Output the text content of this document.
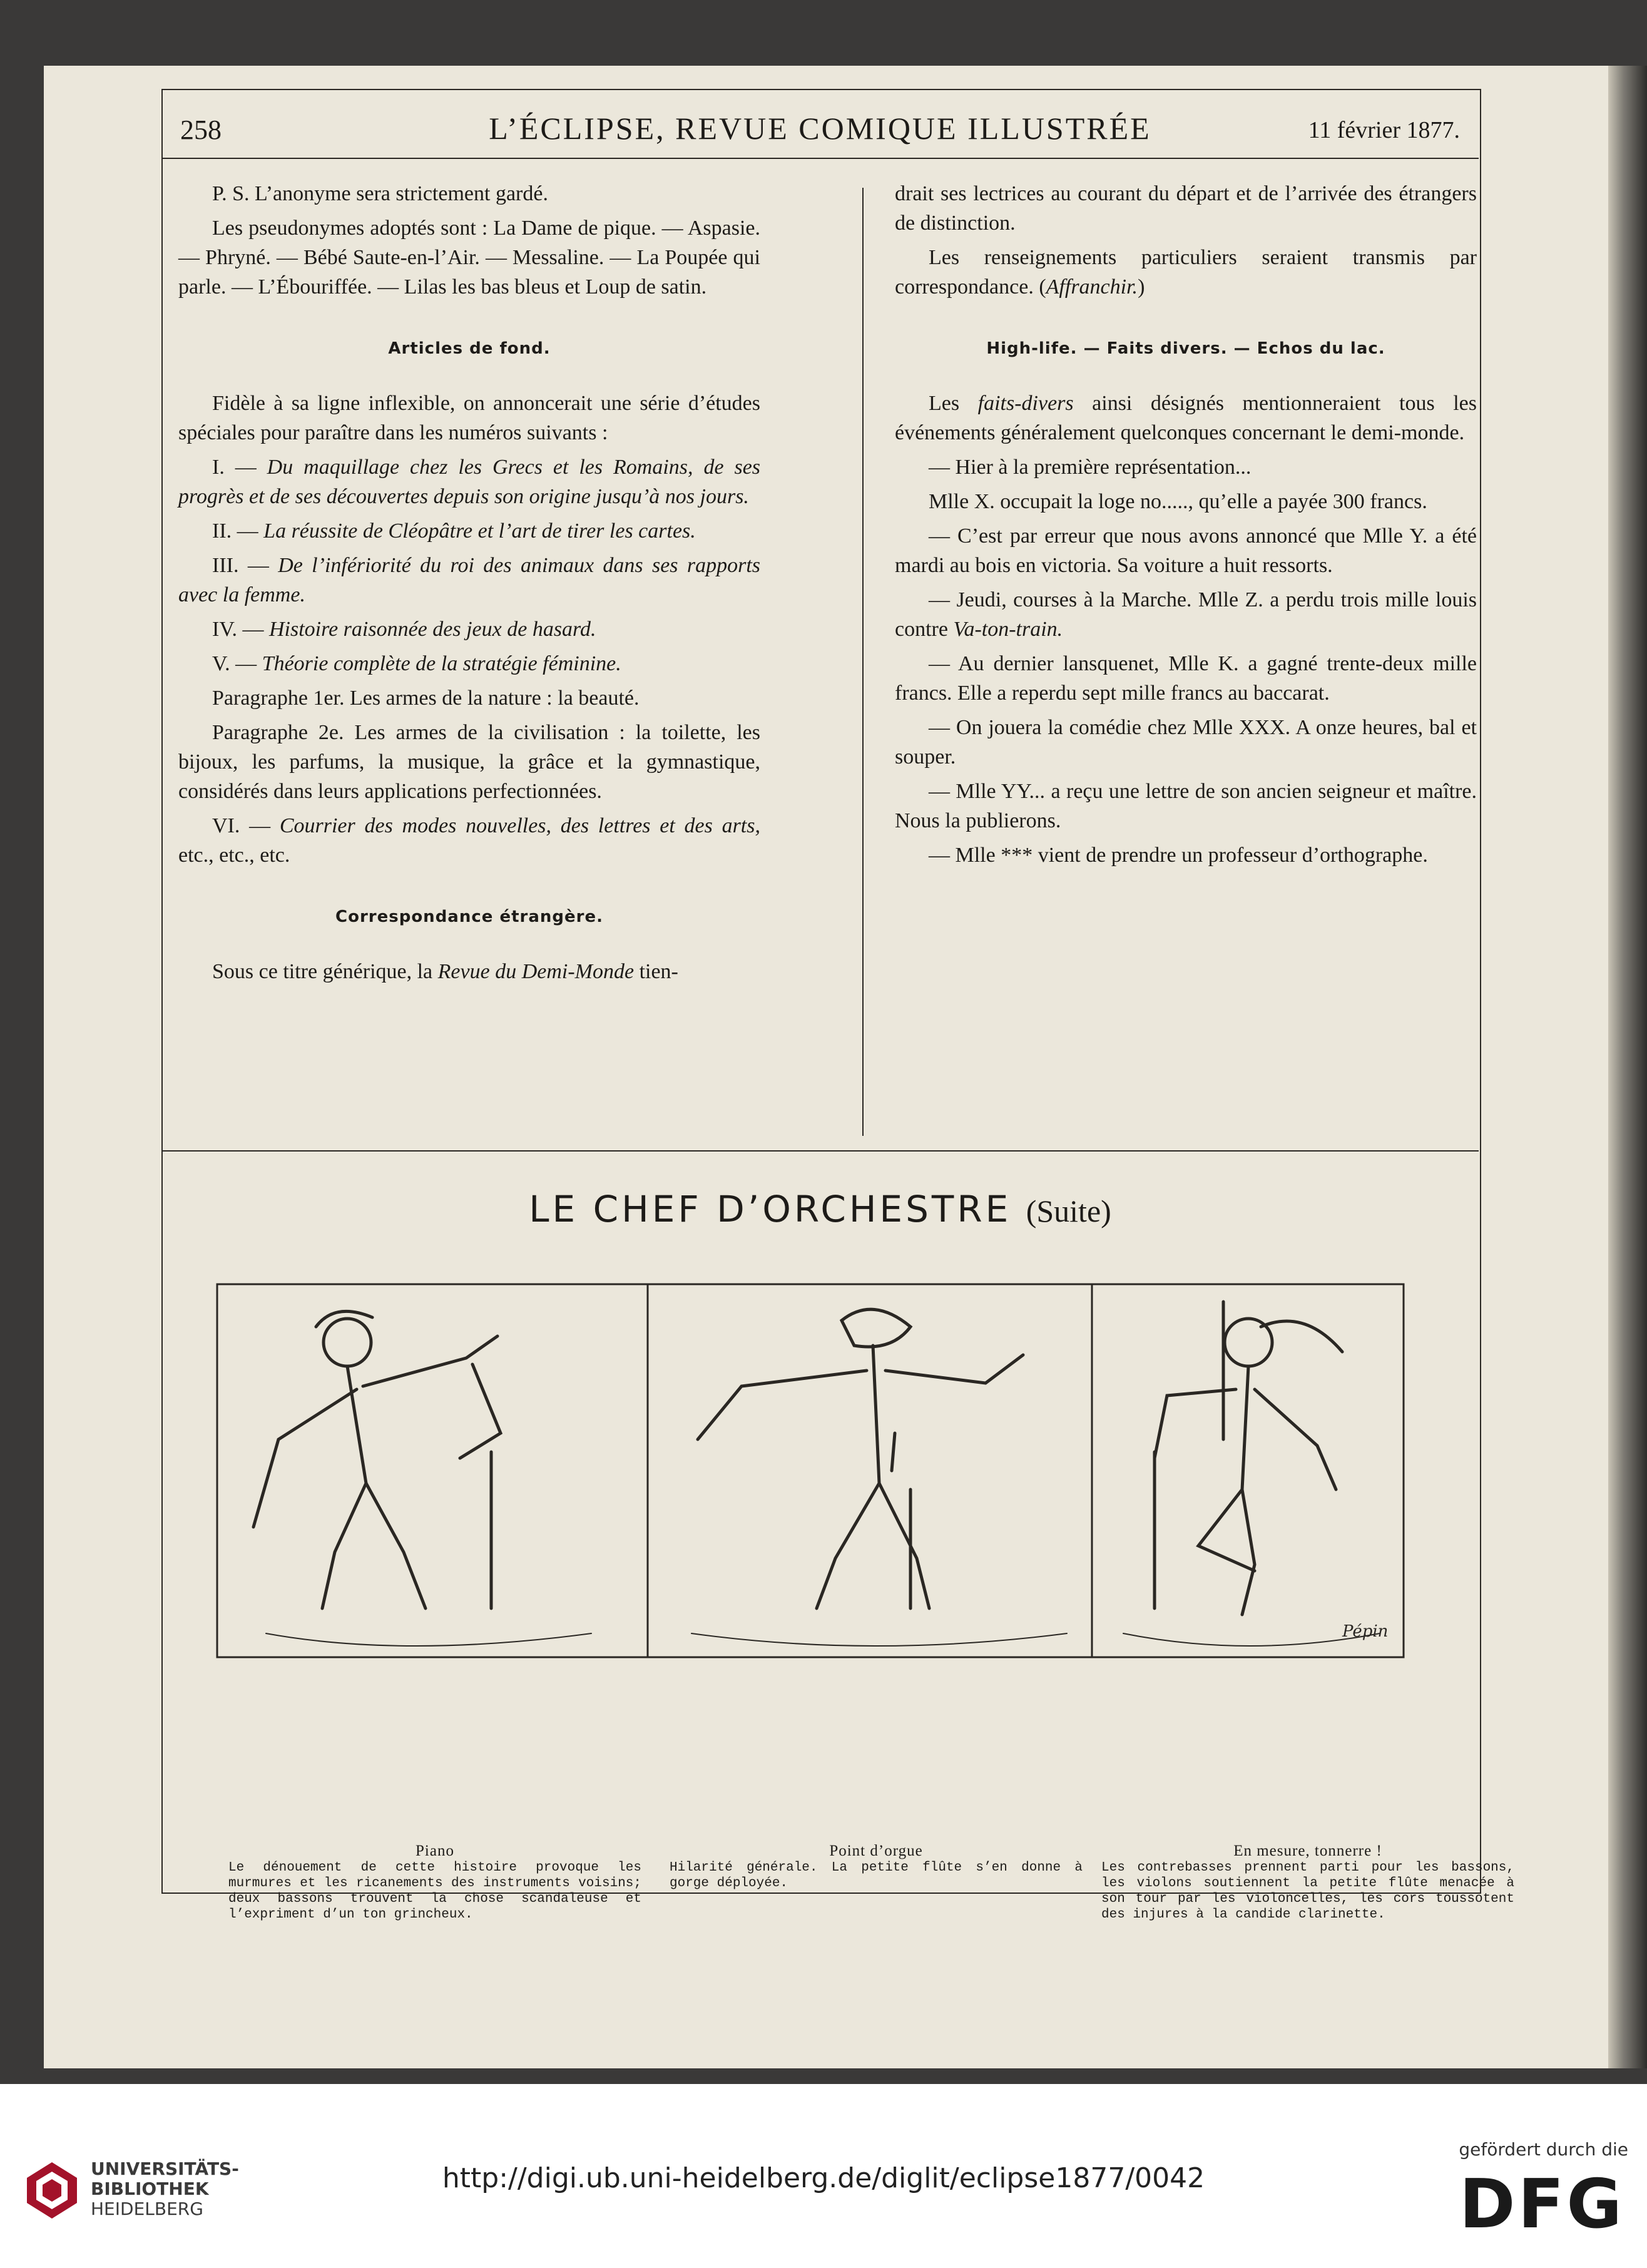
258	L’ÉCLIPSE, REVUE COMIQUE ILLUSTRÉE	11 février 1877.

P. S. L’anonyme sera strictement gardé.

Les pseudonymes adoptés sont : La Dame de pique. — Aspasie. — Phryné. — Bébé Saute-en-l’Air. — Messaline. — La Poupée qui parle. — L’Ébouriffée. — Lilas les bas bleus et Loup de satin.

Articles de fond.

Fidèle à sa ligne inflexible, on annoncerait une série d’études spéciales pour paraître dans les numéros suivants :

I. — Du maquillage chez les Grecs et les Romains, de ses progrès et de ses découvertes depuis son origine jusqu’à nos jours.

II. — La réussite de Cléopâtre et l’art de tirer les cartes.

III. — De l’infériorité du roi des animaux dans ses rapports avec la femme.

IV. — Histoire raisonnée des jeux de hasard.

V. — Théorie complète de la stratégie féminine.

Paragraphe 1er. Les armes de la nature : la beauté.

Paragraphe 2e. Les armes de la civilisation : la toilette, les bijoux, les parfums, la musique, la grâce et la gymnastique, considérés dans leurs applications perfectionnées.

VI. — Courrier des modes nouvelles, des lettres et des arts, etc., etc., etc.

Correspondance étrangère.

Sous ce titre générique, la Revue du Demi-Monde tien-

drait ses lectrices au courant du départ et de l’arrivée des étrangers de distinction.

Les renseignements particuliers seraient transmis par correspondance. (Affranchir.)

High-life. — Faits divers. — Echos du lac.

Les faits-divers ainsi désignés mentionneraient tous les événements généralement quelconques concernant le demi-monde.

— Hier à la première représentation...

Mlle X. occupait la loge no....., qu’elle a payée 300 francs.

— C’est par erreur que nous avons annoncé que Mlle Y. a été mardi au bois en victoria. Sa voiture a huit ressorts.

— Jeudi, courses à la Marche. Mlle Z. a perdu trois mille louis contre Va-ton-train.

— Au dernier lansquenet, Mlle K. a gagné trente-deux mille francs. Elle a reperdu sept mille francs au baccarat.

— On jouera la comédie chez Mlle XXX. A onze heures, bal et souper.

— Mlle YY... a reçu une lettre de son ancien seigneur et maître. Nous la publierons.

— Mlle *** vient de prendre un professeur d’orthographe.

LE CHEF D’ORCHESTRE (Suite)
Pépin
Piano
Le dénouement de cette histoire provoque les murmures et les ricanements des instruments voisins; deux bassons trouvent la chose scandaleuse et l’expriment d’un ton grincheux.
Point d’orgue
Hilarité générale. La petite flûte s’en donne à gorge déployée.
En mesure, tonnerre !
Les contrebasses prennent parti pour les bassons, les violons soutiennent la petite flûte menacée à son tour par les violoncelles, les cors toussotent des injures à la candide clarinette.
UNIVERSITÄTS-
BIBLIOTHEK
HEIDELBERG
http://digi.ub.uni-heidelberg.de/diglit/eclipse1877/0042
gefördert durch die
DFG
